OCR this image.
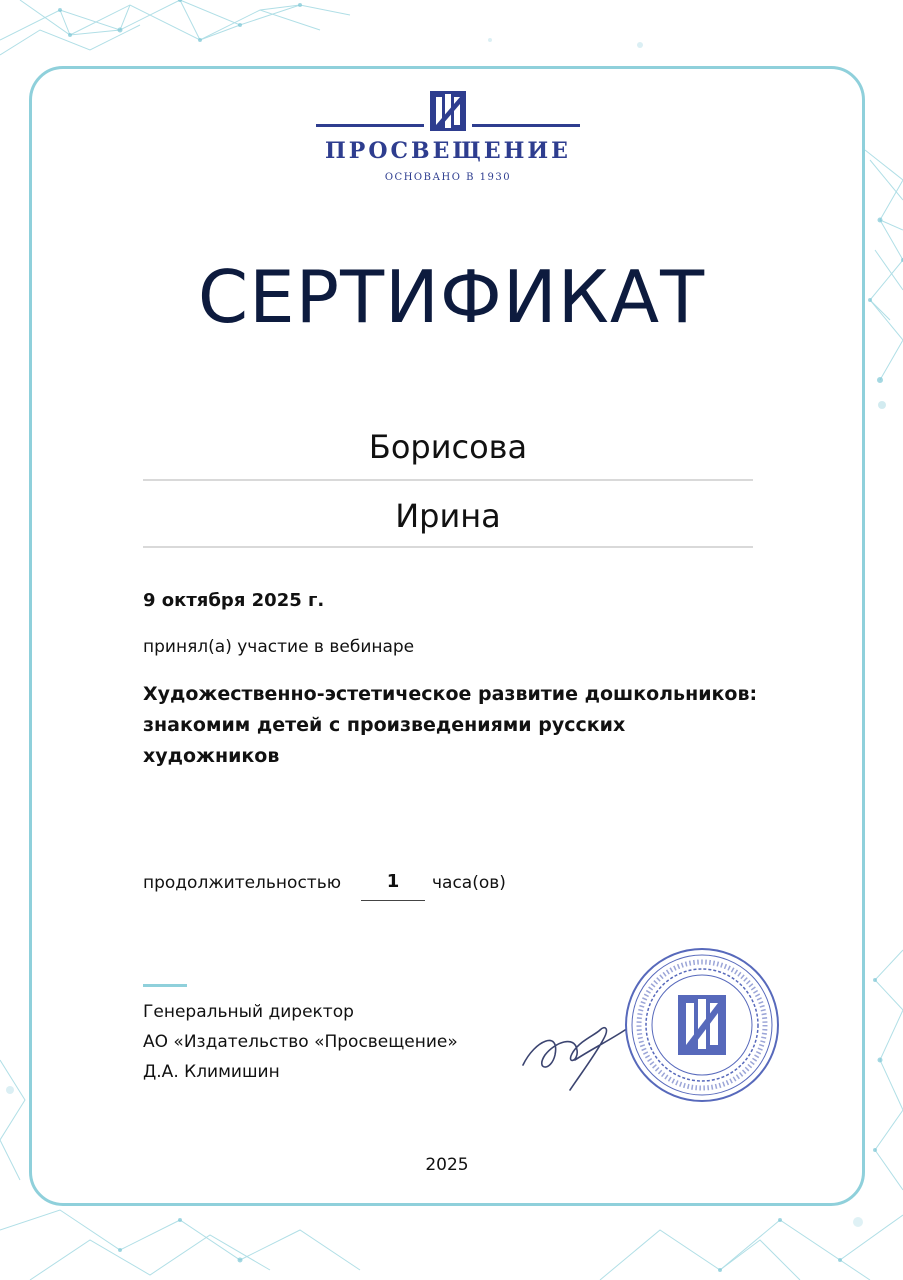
ПРОСВЕЩЕНИЕ
ОСНОВАНО В 1930
СЕРТИФИКАТ
Борисова
Ирина
9 октября 2025 г.
принял(а) участие в вебинаре
Художественно-эстетическое развитие дошкольников: знакомим детей с произведениями русских художников
продолжительностью	1	часа(ов)
Генеральный директор
АО «Издательство «Просвещение»
Д.А. Климишин
2025
